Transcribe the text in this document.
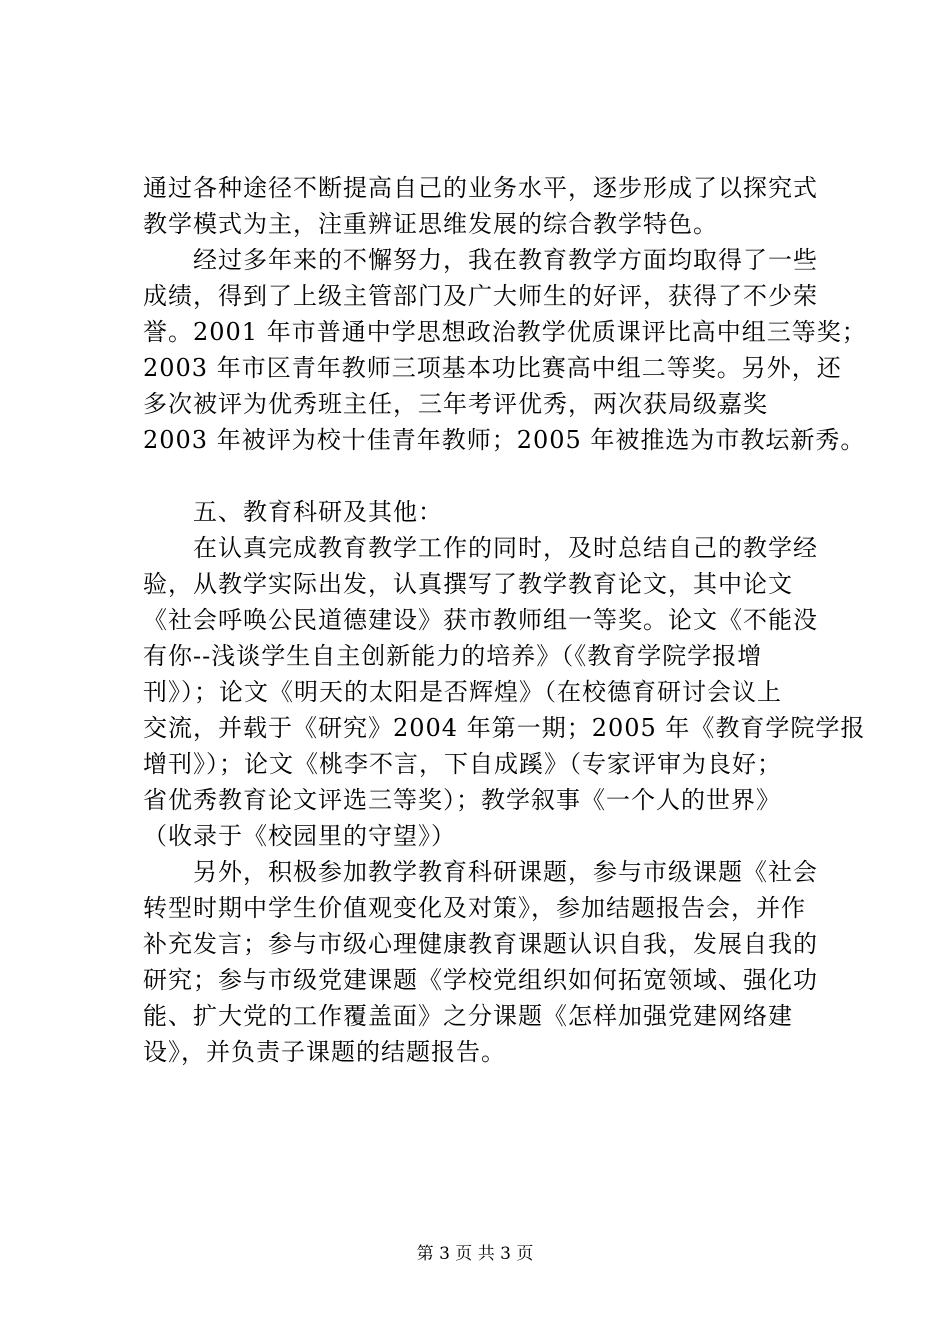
通过各种途径不断提高自己的业务水平，逐步形成了以探究式
教学模式为主，注重辨证思维发展的综合教学特色。
　　经过多年来的不懈努力，我在教育教学方面均取得了一些
成绩，得到了上级主管部门及广大师生的好评，获得了不少荣
誉。2001 年市普通中学思想政治教学优质课评比高中组三等奖；
2003 年市区青年教师三项基本功比赛高中组二等奖。另外，还
多次被评为优秀班主任，三年考评优秀，两次获局级嘉奖
2003 年被评为校十佳青年教师；2005 年被推选为市教坛新秀。
　　五、教育科研及其他：
　　在认真完成教育教学工作的同时，及时总结自己的教学经
验，从教学实际出发，认真撰写了教学教育论文，其中论文
《社会呼唤公民道德建设》获市教师组一等奖。论文《不能没
有你--浅谈学生自主创新能力的培养》（《教育学院学报增
刊》）；论文《明天的太阳是否辉煌》（在校德育研讨会议上
交流，并载于《研究》2004 年第一期；2005 年《教育学院学报
增刊》）；论文《桃李不言，下自成蹊》（专家评审为良好；
省优秀教育论文评选三等奖）；教学叙事《一个人的世界》
（收录于《校园里的守望》）
　　另外，积极参加教学教育科研课题，参与市级课题《社会
转型时期中学生价值观变化及对策》，参加结题报告会，并作
补充发言；参与市级心理健康教育课题认识自我，发展自我的
研究；参与市级党建课题《学校党组织如何拓宽领域、强化功
能、扩大党的工作覆盖面》之分课题《怎样加强党建网络建
设》，并负责子课题的结题报告。
第 3 页 共 3 页
